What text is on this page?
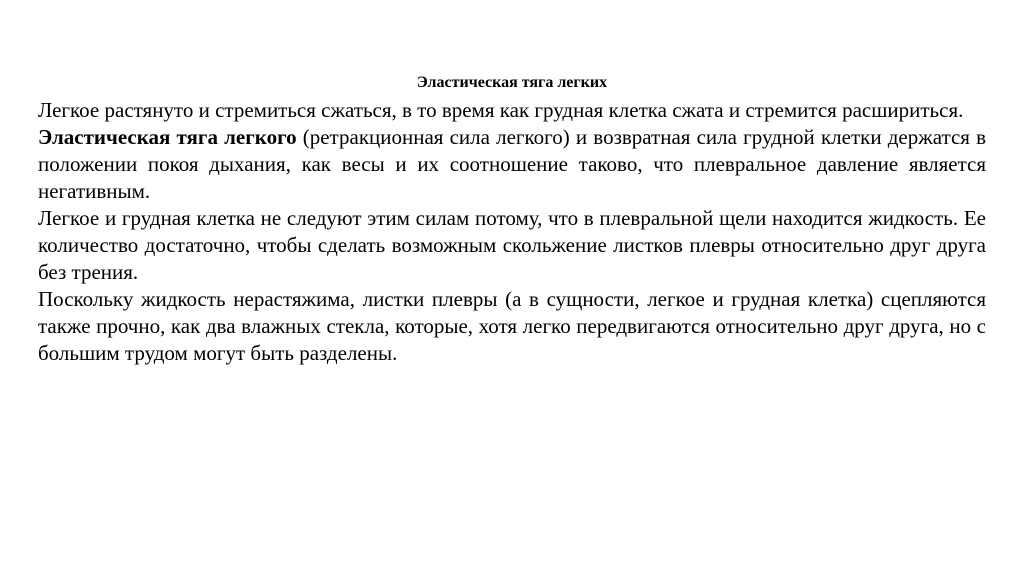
Эластическая тяга легких

Легкое растянуто и стремиться сжаться, в то время как грудная клетка сжата и стремится расшириться.

Эластическая тяга легкого (ретракционная сила легкого) и возвратная сила грудной клетки держатся в положении покоя дыхания, как весы и их соотношение таково, что плевральное давление является негативным.

Легкое и грудная клетка не следуют этим силам потому, что в плевральной щели находится жидкость. Ее количество достаточно, чтобы сделать возможным скольжение листков плевры относительно друг друга без трения.

Поскольку жидкость нерастяжима, листки плевры (а в сущности, легкое и грудная клетка) сцепляются также прочно, как два влажных стекла, которые, хотя легко передвигаются относительно друг друга, но с большим трудом могут быть разделены.
